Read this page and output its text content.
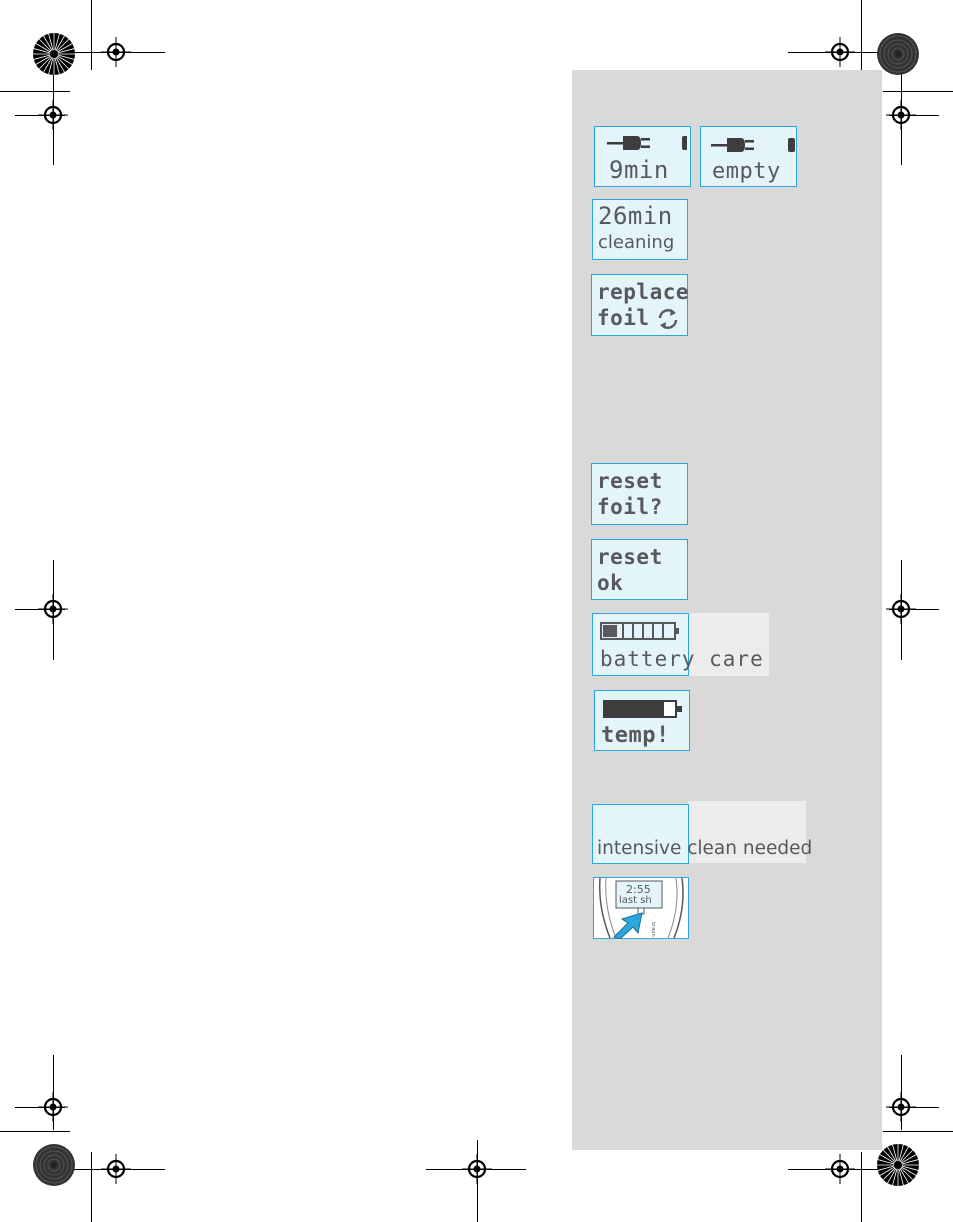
9min empty
26min
cleaning
replace
foil
reset
foil?
reset
ok
battery care
temp!
intensive clean needed
braun
2:55
last sh
